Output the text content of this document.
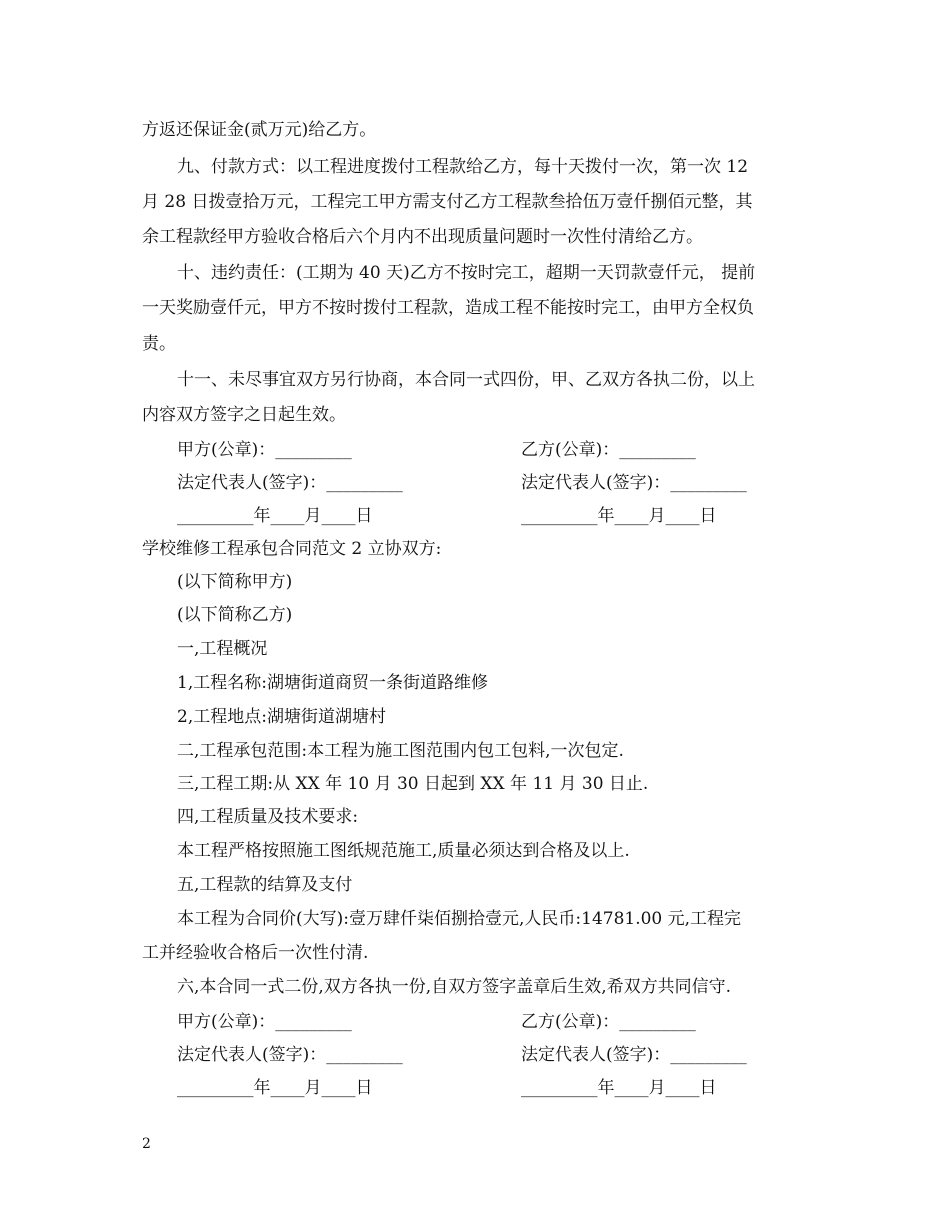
方返还保证金(贰万元)给乙方。
九、付款方式：以工程进度拨付工程款给乙方，每十天拨付一次，第一次 12
月 28 日拨壹拾万元，工程完工甲方需支付乙方工程款叁拾伍万壹仟捌佰元整，其
余工程款经甲方验收合格后六个月内不出现质量问题时一次性付清给乙方。
十、违约责任：(工期为 40 天)乙方不按时完工，超期一天罚款壹仟元， 提前
一天奖励壹仟元，甲方不按时拨付工程款，造成工程不能按时完工，由甲方全权负
责。
十一、未尽事宜双方另行协商，本合同一式四份，甲、乙双方各执二份，以上
内容双方签字之日起生效。
甲方(公章)：_________	乙方(公章)：_________
法定代表人(签字)：_________	法定代表人(签字)：_________
_________年____月____日	_________年____月____日
学校维修工程承包合同范文 2 立协双方:
(以下简称甲方)
(以下简称乙方)
一,工程概况
1,工程名称:湖塘街道商贸一条街道路维修
2,工程地点:湖塘街道湖塘村
二,工程承包范围:本工程为施工图范围内包工包料,一次包定.
三,工程工期:从 XX 年 10 月 30 日起到 XX 年 11 月 30 日止.
四,工程质量及技术要求:
本工程严格按照施工图纸规范施工,质量必须达到合格及以上.
五,工程款的结算及支付
本工程为合同价(大写):壹万肆仟柒佰捌拾壹元,人民币:14781.00 元,工程完
工并经验收合格后一次性付清.
六,本合同一式二份,双方各执一份,自双方签字盖章后生效,希双方共同信守.
甲方(公章)：_________	乙方(公章)：_________
法定代表人(签字)：_________	法定代表人(签字)：_________
_________年____月____日	_________年____月____日
2
